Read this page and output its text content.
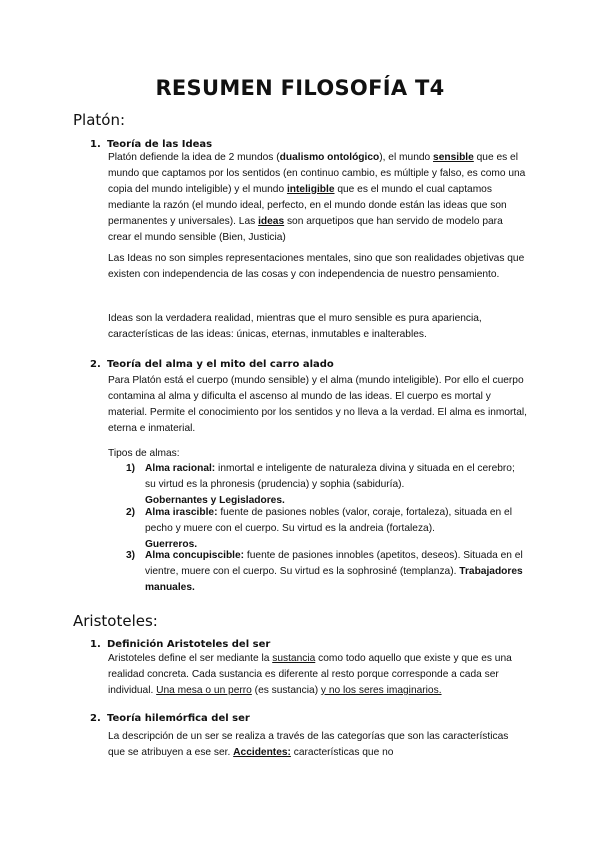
RESUMEN FILOSOFÍA T4
Platón:
1. Teoría de las Ideas

Platón defiende la idea de 2 mundos (dualismo ontológico), el mundo sensible que es el mundo que captamos por los sentidos (en continuo cambio, es múltiple y falso, es como una copia del mundo inteligible) y el mundo inteligible que es el mundo el cual captamos mediante la razón (el mundo ideal, perfecto, en el mundo donde están las ideas que son permanentes y universales). Las ideas son arquetipos que han servido de modelo para crear el mundo sensible (Bien, Justicia)

Las Ideas no son simples representaciones mentales, sino que son realidades objetivas que existen con independencia de las cosas y con independencia de nuestro pensamiento.

Ideas son la verdadera realidad, mientras que el muro sensible es pura apariencia, características de las ideas: únicas, eternas, inmutables e inalterables.

2. Teoría del alma y el mito del carro alado

Para Platón está el cuerpo (mundo sensible) y el alma (mundo inteligible). Por ello el cuerpo contamina al alma y dificulta el ascenso al mundo de las ideas. El cuerpo es mortal y material. Permite el conocimiento por los sentidos y no lleva a la verdad. El alma es inmortal, eterna e inmaterial.

Tipos de almas:

1) Alma racional: inmortal e inteligente de naturaleza divina y situada en el cerebro; su virtud es la phronesis (prudencia) y sophia (sabiduría).
Gobernantes y Legisladores.
2) Alma irascible: fuente de pasiones nobles (valor, coraje, fortaleza), situada en el pecho y muere con el cuerpo. Su virtud es la andreia (fortaleza).
Guerreros.
3) Alma concupiscible: fuente de pasiones innobles (apetitos, deseos). Situada en el vientre, muere con el cuerpo. Su virtud es la sophrosiné (templanza). Trabajadores manuales.
Aristoteles:
1. Definición Aristoteles del ser

Aristoteles define el ser mediante la sustancia como todo aquello que existe y que es una realidad concreta. Cada sustancia es diferente al resto porque corresponde a cada ser individual. Una mesa o un perro (es sustancia) y no los seres imaginarios.

2. Teoría hilemórfica del ser

La descripción de un ser se realiza a través de las categorías que son las características que se atribuyen a ese ser. Accidentes: características que no
